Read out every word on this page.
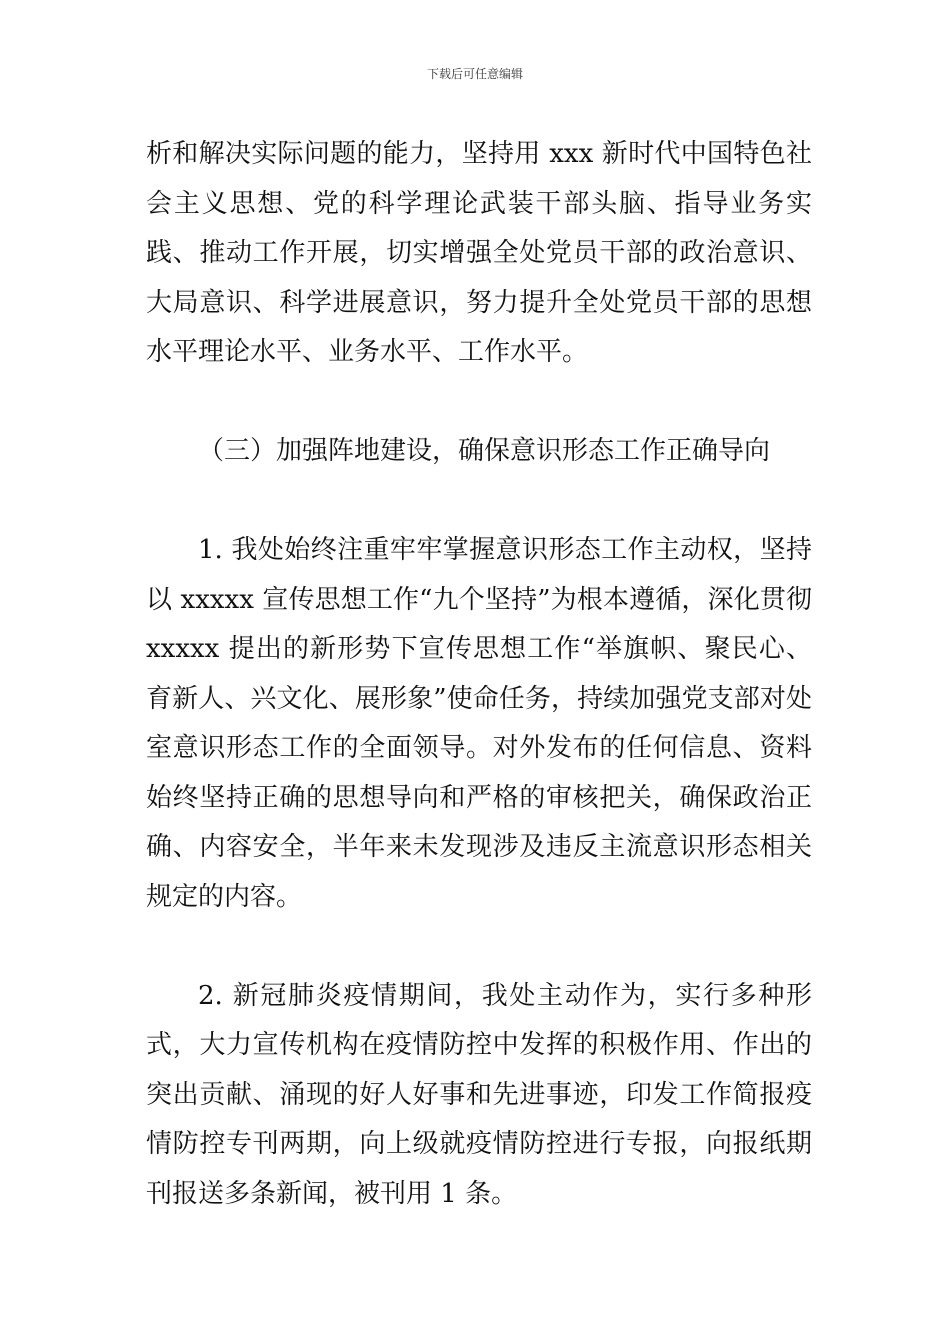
下载后可任意编辑

析和解决实际问题的能力，坚持用 xxx 新时代中国特色社会主义思想、党的科学理论武装干部头脑、指导业务实践、推动工作开展，切实增强全处党员干部的政治意识、大局意识、科学进展意识，努力提升全处党员干部的思想水平理论水平、业务水平、工作水平。

（三）加强阵地建设，确保意识形态工作正确导向

1. 我处始终注重牢牢掌握意识形态工作主动权，坚持以 xxxxx 宣传思想工作“九个坚持”为根本遵循，深化贯彻 xxxxx 提出的新形势下宣传思想工作“举旗帜、聚民心、育新人、兴文化、展形象”使命任务，持续加强党支部对处室意识形态工作的全面领导。对外发布的任何信息、资料始终坚持正确的思想导向和严格的审核把关，确保政治正确、内容安全，半年来未发现涉及违反主流意识形态相关规定的内容。

2. 新冠肺炎疫情期间，我处主动作为，实行多种形式，大力宣传机构在疫情防控中发挥的积极作用、作出的突出贡献、涌现的好人好事和先进事迹，印发工作简报疫情防控专刊两期，向上级就疫情防控进行专报，向报纸期刊报送多条新闻，被刊用 1 条。
